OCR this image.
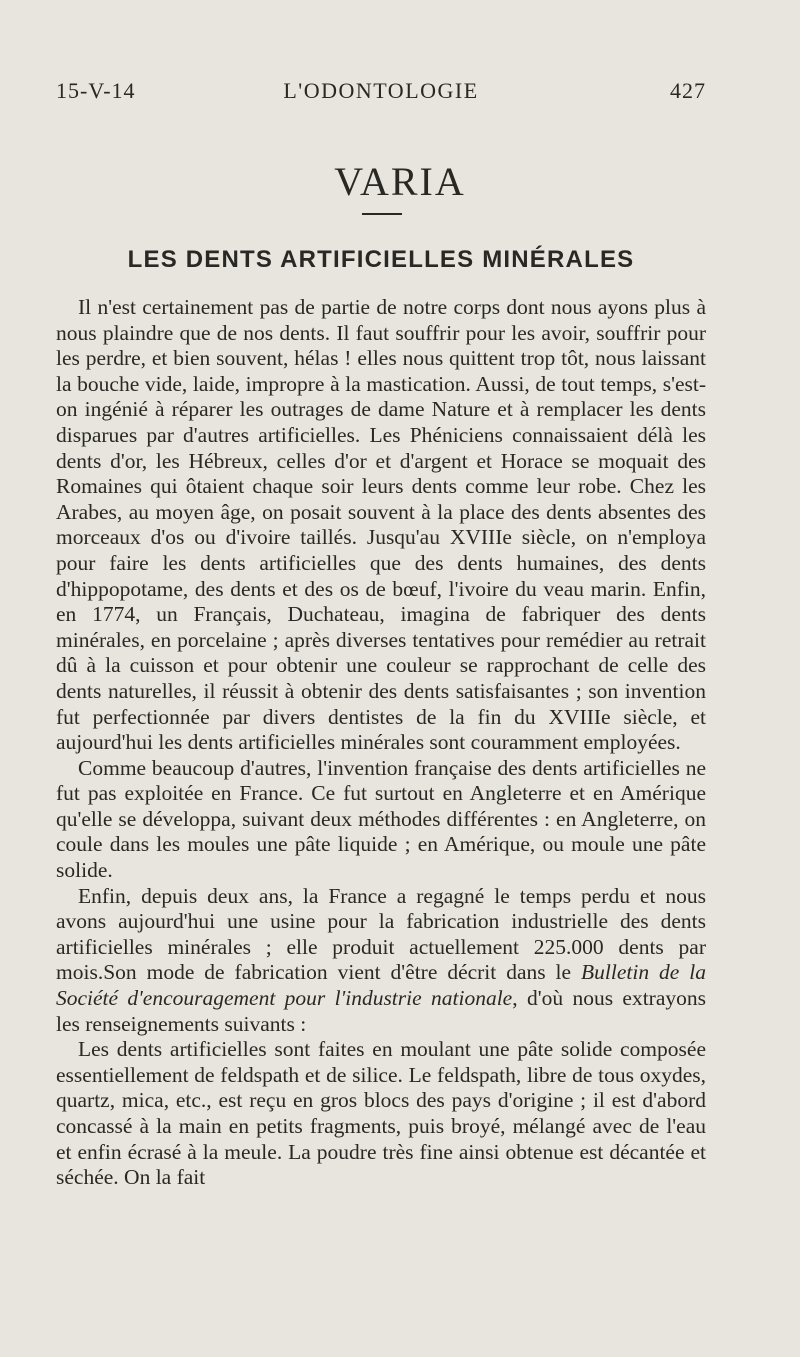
15-V-14	L'ODONTOLOGIE	427
VARIA
LES DENTS ARTIFICIELLES MINÉRALES

Il n'est certainement pas de partie de notre corps dont nous ayons plus à nous plaindre que de nos dents. Il faut souffrir pour les avoir, souffrir pour les perdre, et bien souvent, hélas ! elles nous quittent trop tôt, nous laissant la bouche vide, laide, impropre à la mastication. Aussi, de tout temps, s'est-on ingénié à réparer les outrages de dame Nature et à remplacer les dents disparues par d'autres artificielles. Les Phéniciens connaissaient délà les dents d'or, les Hébreux, celles d'or et d'argent et Horace se moquait des Romaines qui ôtaient chaque soir leurs dents comme leur robe. Chez les Arabes, au moyen âge, on posait souvent à la place des dents absentes des morceaux d'os ou d'ivoire taillés. Jusqu'au XVIIIe siècle, on n'employa pour faire les dents artificielles que des dents humaines, des dents d'hippopotame, des dents et des os de bœuf, l'ivoire du veau marin. Enfin, en 1774, un Français, Duchateau, imagina de fabriquer des dents minérales, en porcelaine ; après diverses tentatives pour remédier au retrait dû à la cuisson et pour obtenir une couleur se rapprochant de celle des dents naturelles, il réussit à obtenir des dents satisfaisantes ; son invention fut perfectionnée par divers dentistes de la fin du XVIIIe siècle, et aujourd'hui les dents artificielles minérales sont couramment employées.

Comme beaucoup d'autres, l'invention française des dents artificielles ne fut pas exploitée en France. Ce fut surtout en Angleterre et en Amérique qu'elle se développa, suivant deux méthodes différentes : en Angleterre, on coule dans les moules une pâte liquide ; en Amérique, ou moule une pâte solide.

Enfin, depuis deux ans, la France a regagné le temps perdu et nous avons aujourd'hui une usine pour la fabrication industrielle des dents artificielles minérales ; elle produit actuellement 225.000 dents par mois.Son mode de fabrication vient d'être décrit dans le Bulletin de la Société d'encouragement pour l'industrie nationale, d'où nous extrayons les renseignements suivants :

Les dents artificielles sont faites en moulant une pâte solide composée essentiellement de feldspath et de silice. Le feldspath, libre de tous oxydes, quartz, mica, etc., est reçu en gros blocs des pays d'origine ; il est d'abord concassé à la main en petits fragments, puis broyé, mélangé avec de l'eau et enfin écrasé à la meule. La poudre très fine ainsi obtenue est décantée et séchée. On la fait
